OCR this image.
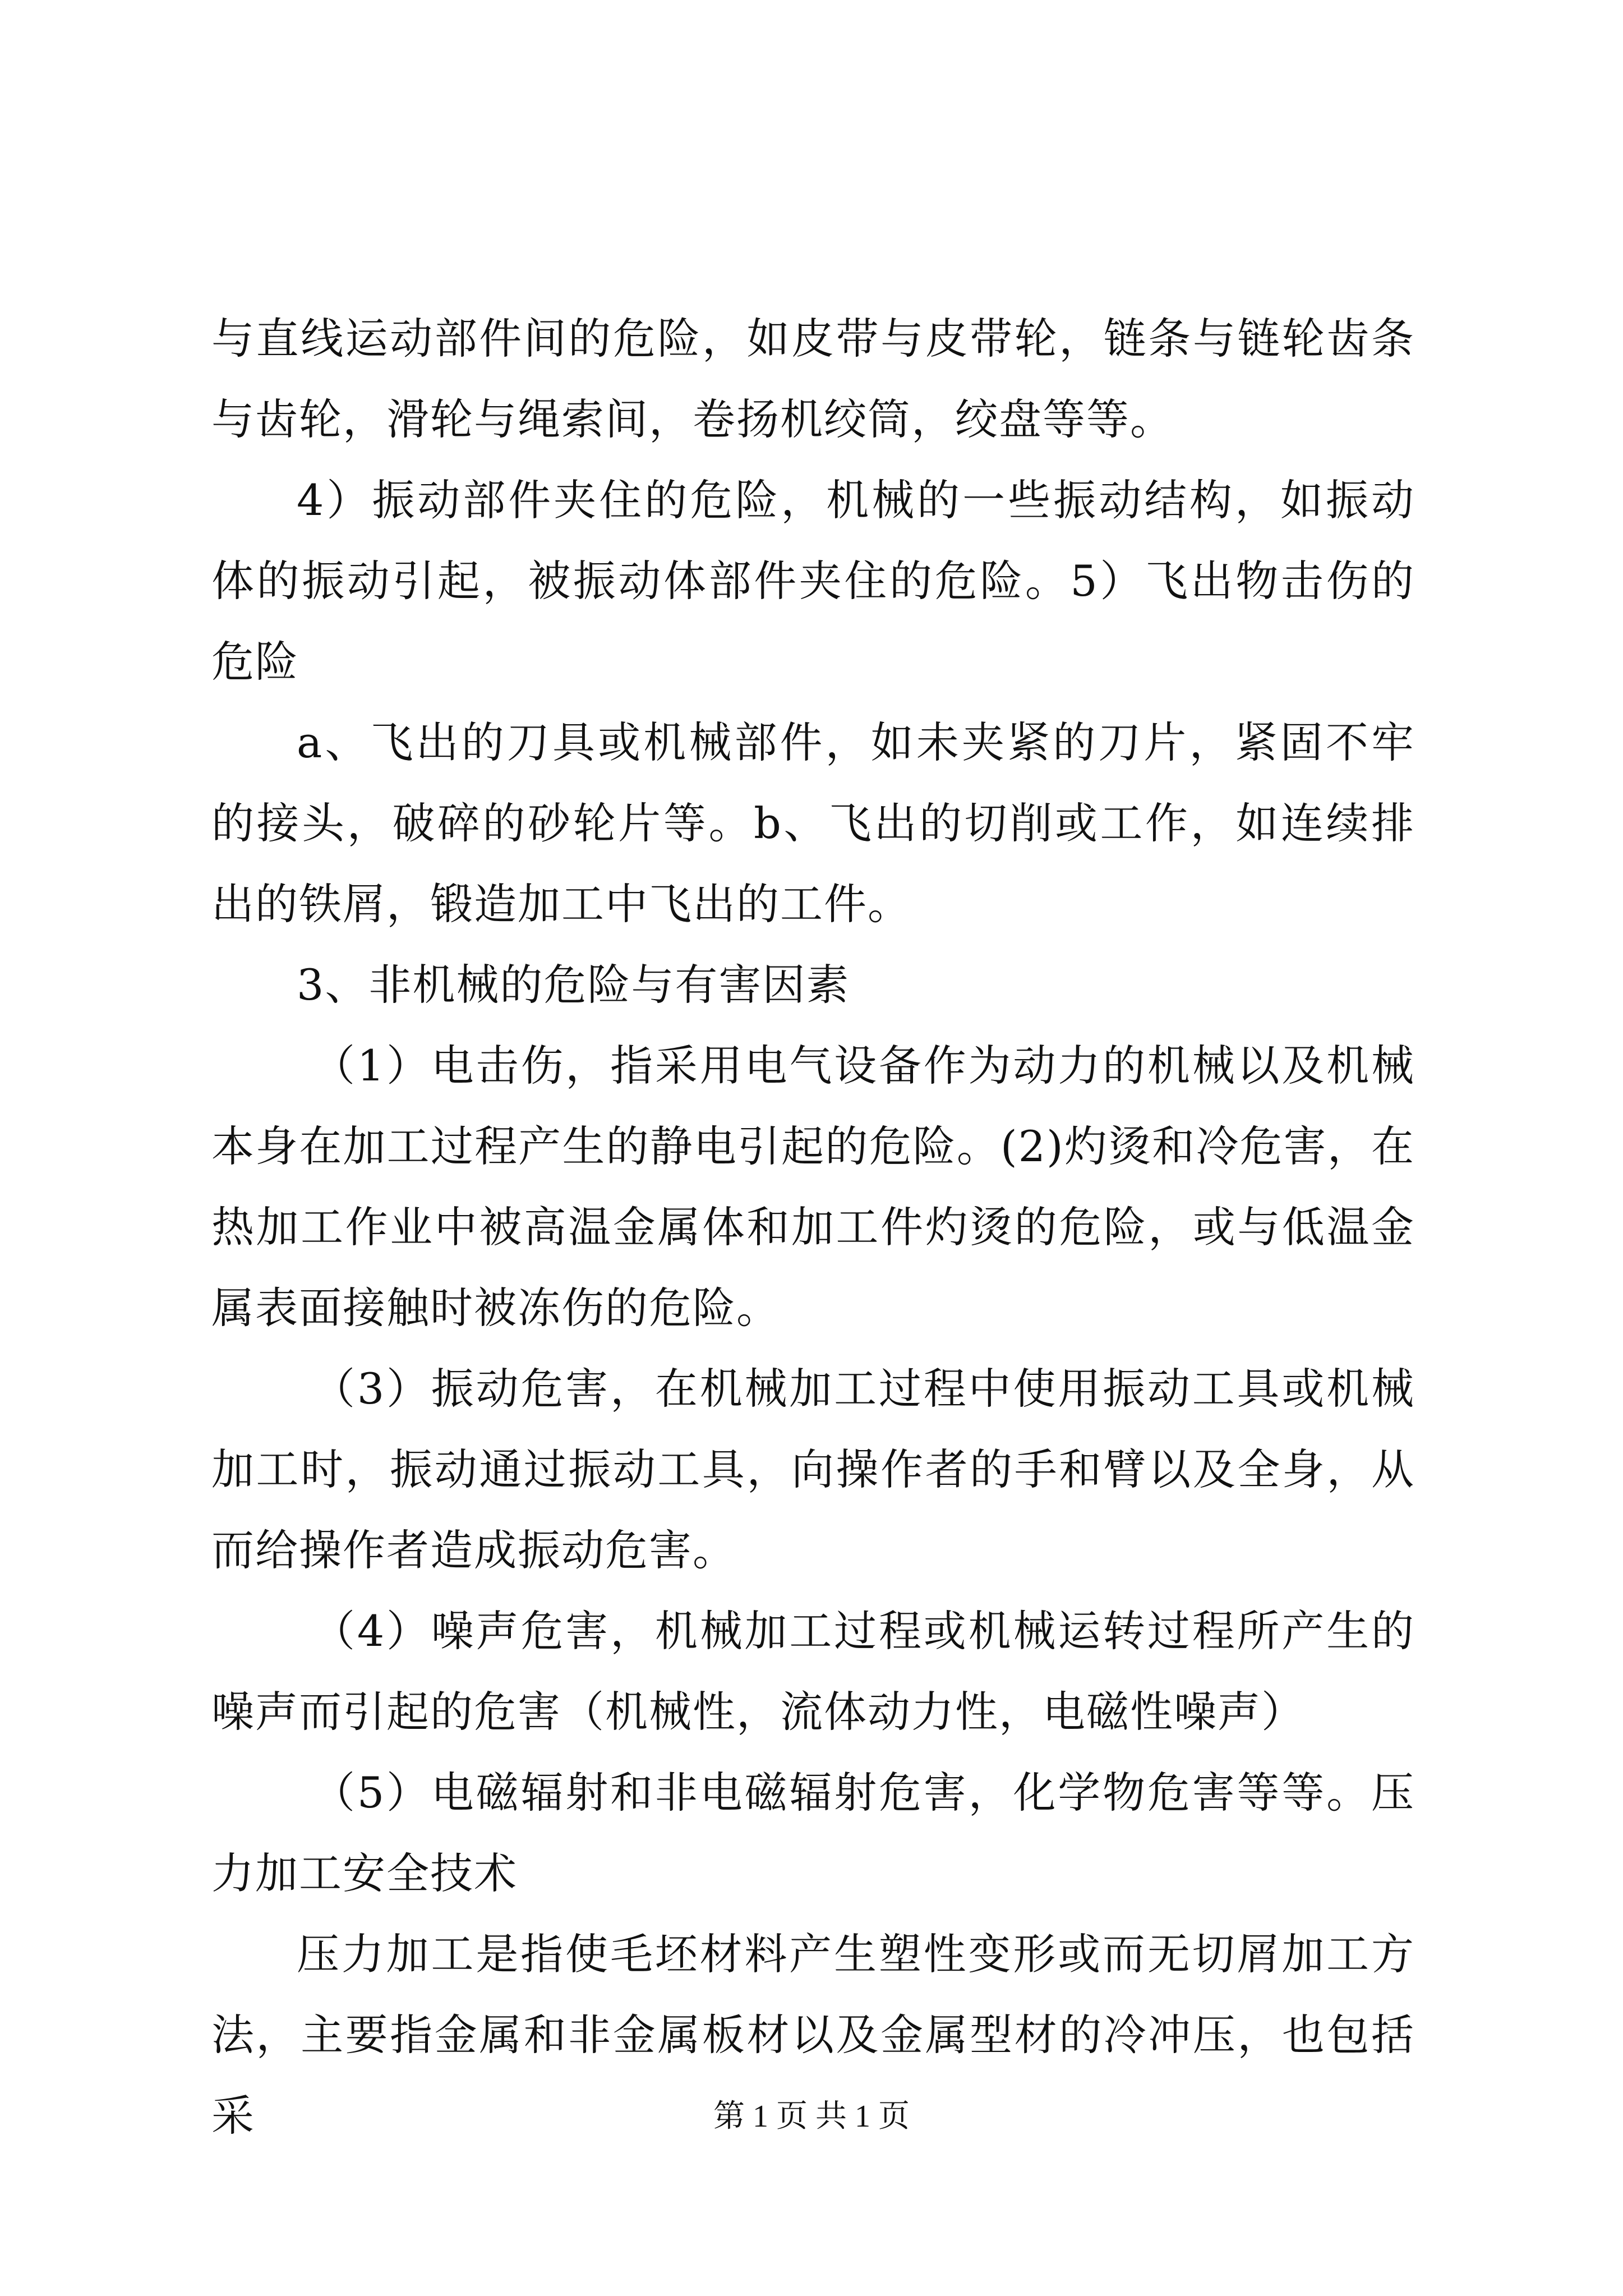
与直线运动部件间的危险，如皮带与皮带轮，链条与链轮齿条与齿轮，滑轮与绳索间，卷扬机绞筒，绞盘等等。

4）振动部件夹住的危险，机械的一些振动结构，如振动体的振动引起，被振动体部件夹住的危险。5）飞出物击伤的危险

a、飞出的刀具或机械部件，如未夹紧的刀片，紧固不牢的接头，破碎的砂轮片等。b、飞出的切削或工作，如连续排出的铁屑，锻造加工中飞出的工件。

3、非机械的危险与有害因素

（1）电击伤，指采用电气设备作为动力的机械以及机械本身在加工过程产生的静电引起的危险。(2)灼烫和冷危害，在热加工作业中被高温金属体和加工件灼烫的危险，或与低温金属表面接触时被冻伤的危险。

（3）振动危害，在机械加工过程中使用振动工具或机械加工时，振动通过振动工具，向操作者的手和臂以及全身，从而给操作者造成振动危害。

（4）噪声危害，机械加工过程或机械运转过程所产生的噪声而引起的危害（机械性，流体动力性，电磁性噪声）

（5）电磁辐射和非电磁辐射危害，化学物危害等等。压力加工安全技术

压力加工是指使毛坯材料产生塑性变形或而无切屑加工方法，主要指金属和非金属板材以及金属型材的冷冲压，也包括采	第 1 页 共 1 页
